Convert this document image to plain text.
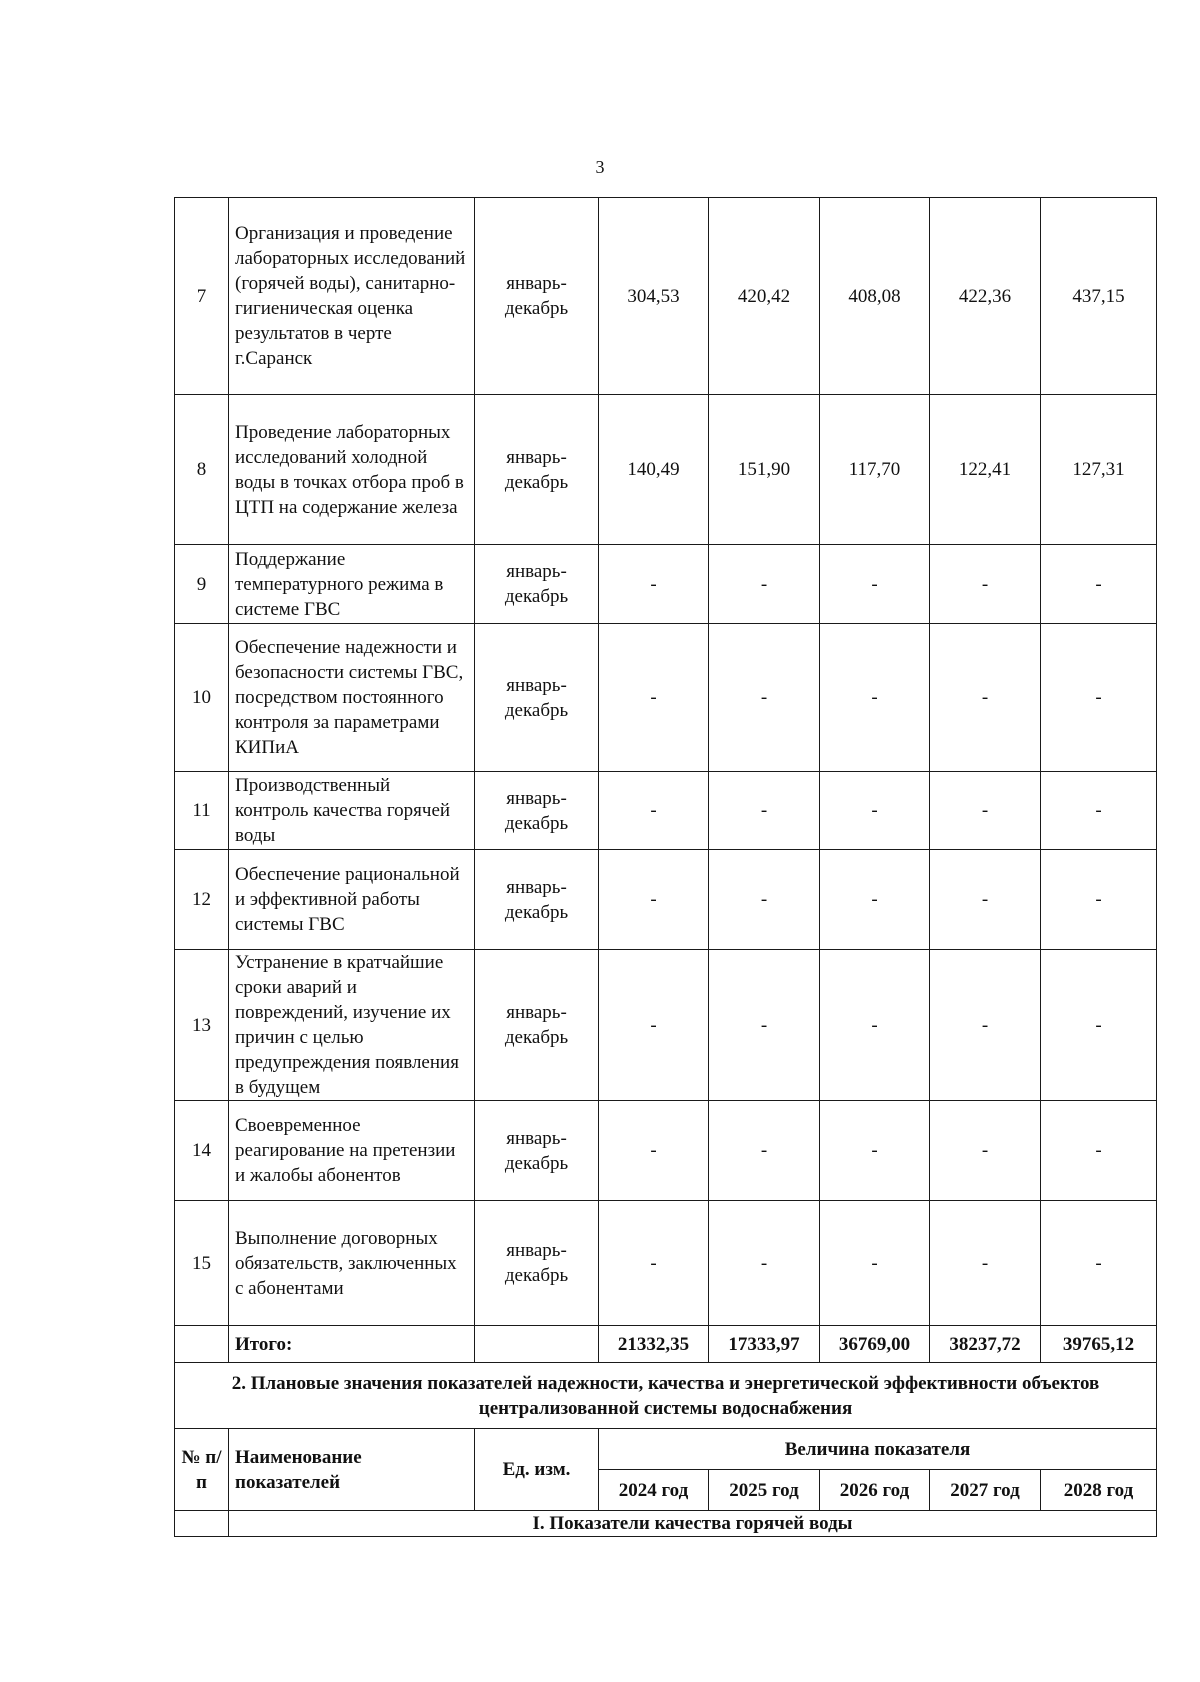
3
7	Организация и проведение лабораторных исследований (горячей воды), санитарно-гигиеническая оценка результатов в черте г.Саранск	январь-декабрь	304,53	420,42	408,08	422,36	437,15
8	Проведение лабораторных исследований холодной воды в точках отбора проб в ЦТП на содержание железа	январь-декабрь	140,49	151,90	117,70	122,41	127,31
9	Поддержание температурного режима в системе ГВС	январь-декабрь	-	-	-	-	-
10	Обеспечение надежности и безопасности системы ГВС, посредством постоянного контроля за параметрами КИПиА	январь-декабрь	-	-	-	-	-
11	Производственный контроль качества горячей воды	январь-декабрь	-	-	-	-	-
12	Обеспечение рациональной и эффективной работы системы ГВС	январь-декабрь	-	-	-	-	-
13	Устранение в кратчайшие сроки аварий и повреждений, изучение их причин с целью предупреждения появления в будущем	январь-декабрь	-	-	-	-	-
14	Своевременное реагирование на претензии и жалобы абонентов	январь-декабрь	-	-	-	-	-
15	Выполнение договорных обязательств, заключенных с абонентами	январь-декабрь	-	-	-	-	-
	Итого:		21332,35	17333,97	36769,00	38237,72	39765,12
2. Плановые значения показателей надежности, качества и энергетической эффективности объектов централизованной системы водоснабжения							
№ п/п	Наименование показателей	Ед. изм.	Величина показателя				
			2024 год	2025 год	2026 год	2027 год	2028 год
	I. Показатели качества горячей воды						
